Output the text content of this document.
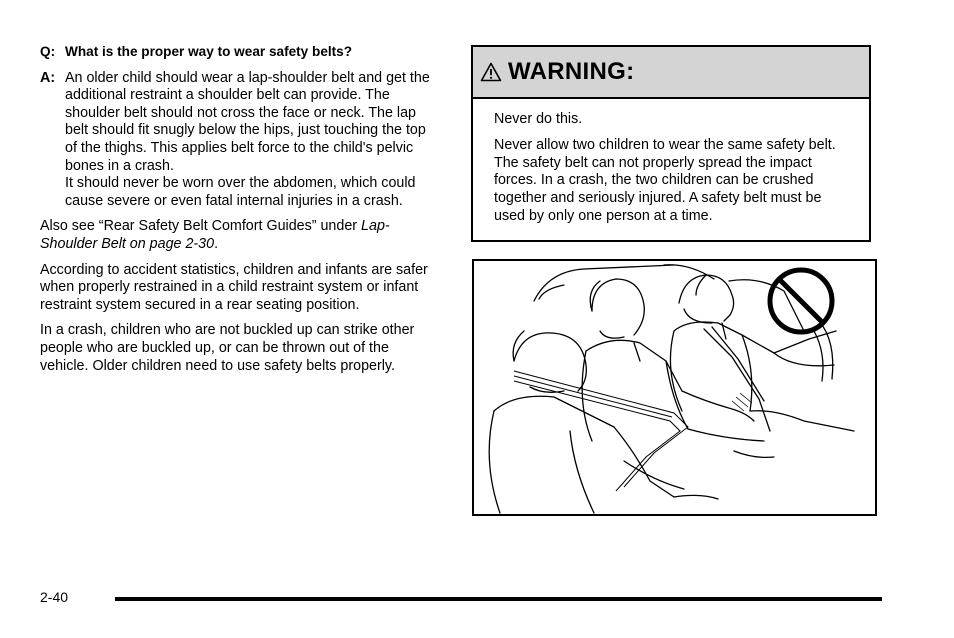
Q: What is the proper way to wear safety belts?
A: An older child should wear a lap-shoulder belt and get the additional restraint a shoulder belt can provide. The shoulder belt should not cross the face or neck. The lap belt should fit snugly below the hips, just touching the top of the thighs. This applies belt force to the child's pelvic bones in a crash.
It should never be worn over the abdomen, which could cause severe or even fatal internal injuries in a crash.

Also see “Rear Safety Belt Comfort Guides” under Lap-Shoulder Belt on page 2-30.

According to accident statistics, children and infants are safer when properly restrained in a child restraint system or infant restraint system secured in a rear seating position.

In a crash, children who are not buckled up can strike other people who are buckled up, or can be thrown out of the vehicle. Older children need to use safety belts properly.

WARNING:

Never do this.

Never allow two children to wear the same safety belt. The safety belt can not properly spread the impact forces. In a crash, the two children can be crushed together and seriously injured. A safety belt must be used by only one person at a time.

2-40
